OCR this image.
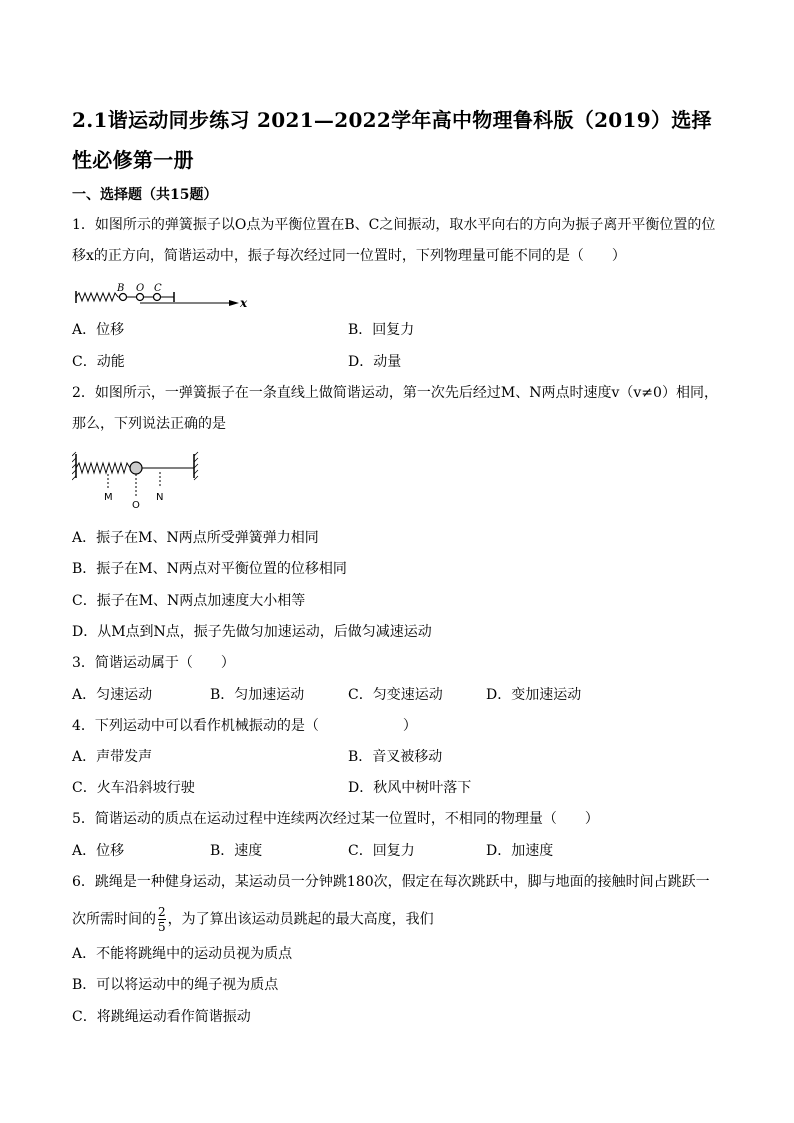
2.1谐运动同步练习 2021—2022学年高中物理鲁科版（2019）选择性必修第一册
一、选择题（共15题）
1．如图所示的弹簧振子以O点为平衡位置在B、C之间振动，取水平向右的方向为振子离开平衡位置的位移x的正方向，简谐运动中，振子每次经过同一位置时，下列物理量可能不同的是（　　）
B O C
x
A．位移	B．回复力
C．动能	D．动量
2．如图所示，一弹簧振子在一条直线上做简谐运动，第一次先后经过M、N两点时速度v（v≠0）相同，那么，下列说法正确的是
M
O
N
A．振子在M、N两点所受弹簧弹力相同
B．振子在M、N两点对平衡位置的位移相同
C．振子在M、N两点加速度大小相等
D．从M点到N点，振子先做匀加速运动，后做匀减速运动
3．简谐运动属于（　　）
A．匀速运动	B．匀加速运动	C．匀变速运动	D．变加速运动
4．下列运动中可以看作机械振动的是（　　　　　　）
A．声带发声	B．音叉被移动
C．火车沿斜坡行驶	D．秋风中树叶落下
5．简谐运动的质点在运动过程中连续两次经过某一位置时，不相同的物理量（　　）
A．位移	B．速度	C．回复力	D．加速度
6．跳绳是一种健身运动，某运动员一分钟跳180次，假定在每次跳跃中，脚与地面的接触时间占跳跃一
次所需时间的 $\frac{2}{5}$ ，为了算出该运动员跳起的最大高度，我们
A．不能将跳绳中的运动员视为质点
B．可以将运动中的绳子视为质点
C．将跳绳运动看作简谐振动
